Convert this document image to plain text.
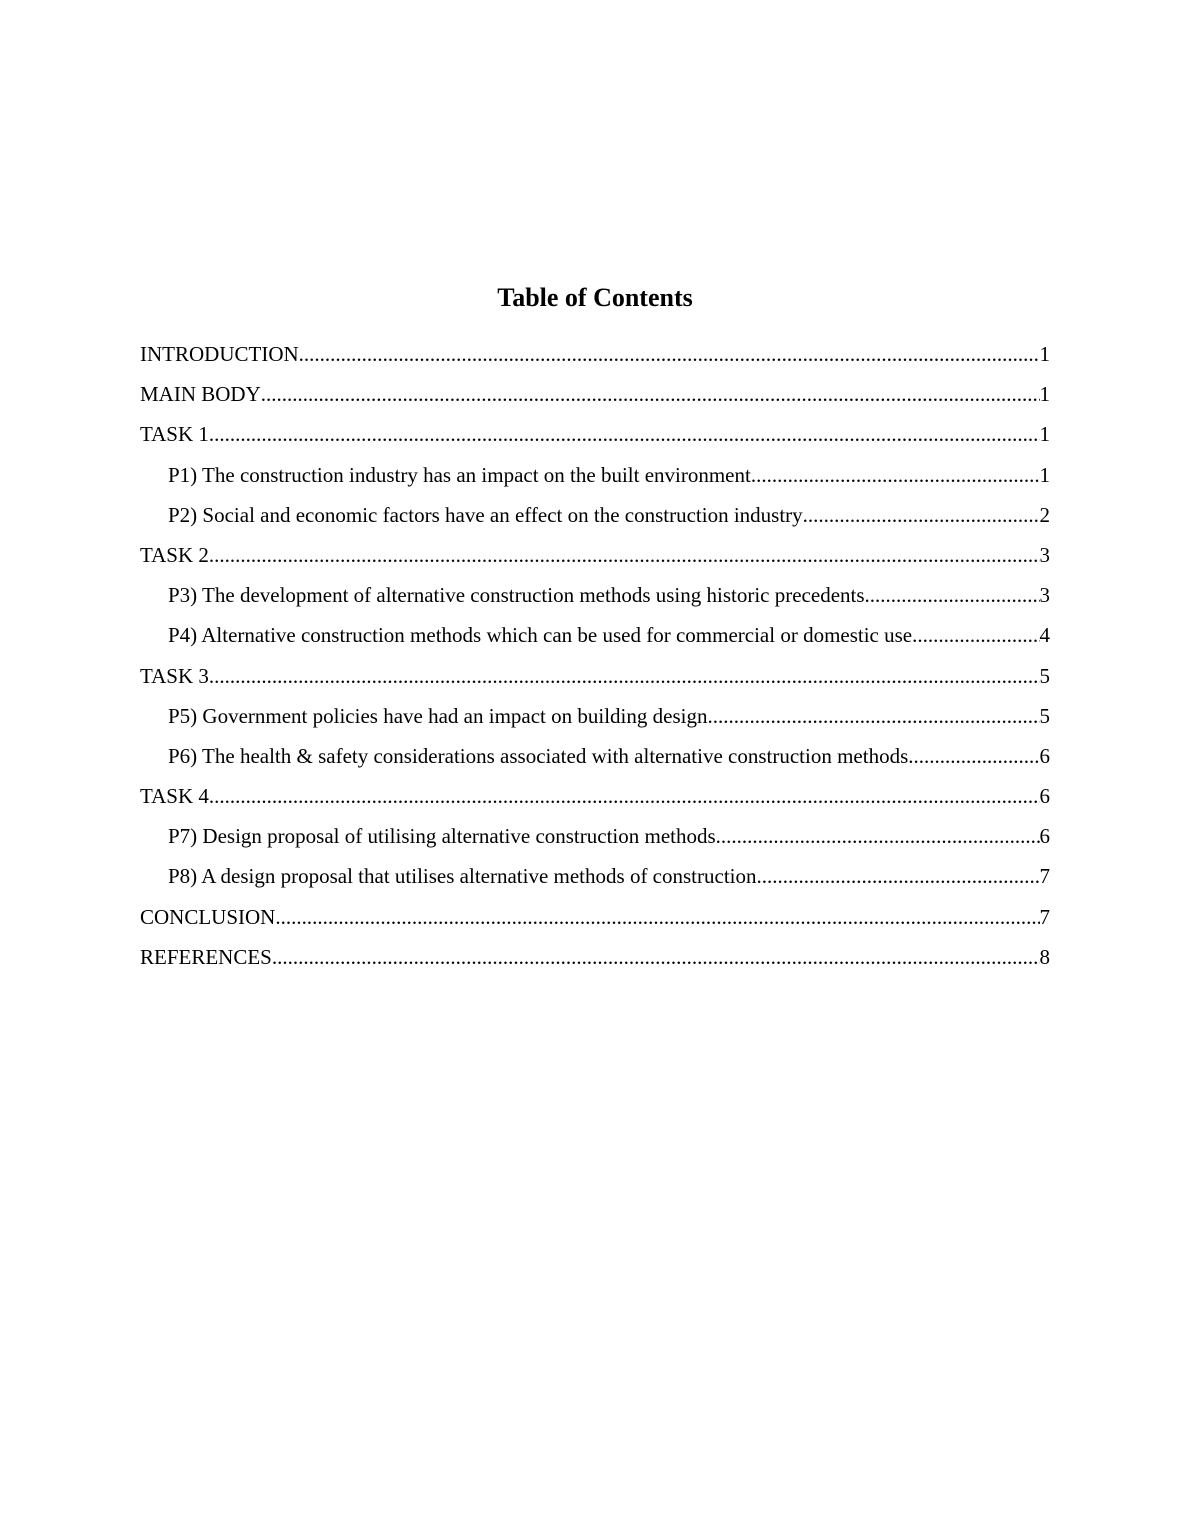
Table of Contents
INTRODUCTION .....	1
MAIN BODY .....	1
TASK 1 .....	1
P1) The construction industry has an impact on the built environment .....	1
P2) Social and economic factors have an effect on the construction industry .....	2
TASK 2 .....	3
P3) The development of alternative construction methods using historic precedents .....	3
P4) Alternative construction methods which can be used for commercial or domestic use .....	4
TASK 3 .....	5
P5) Government policies have had an impact on building design .....	5
P6) The health & safety considerations associated with alternative construction methods .....	6
TASK 4 .....	6
P7) Design proposal of utilising alternative construction methods .....	6
P8) A design proposal that utilises alternative methods of construction .....	7
CONCLUSION .....	7
REFERENCES .....	8
